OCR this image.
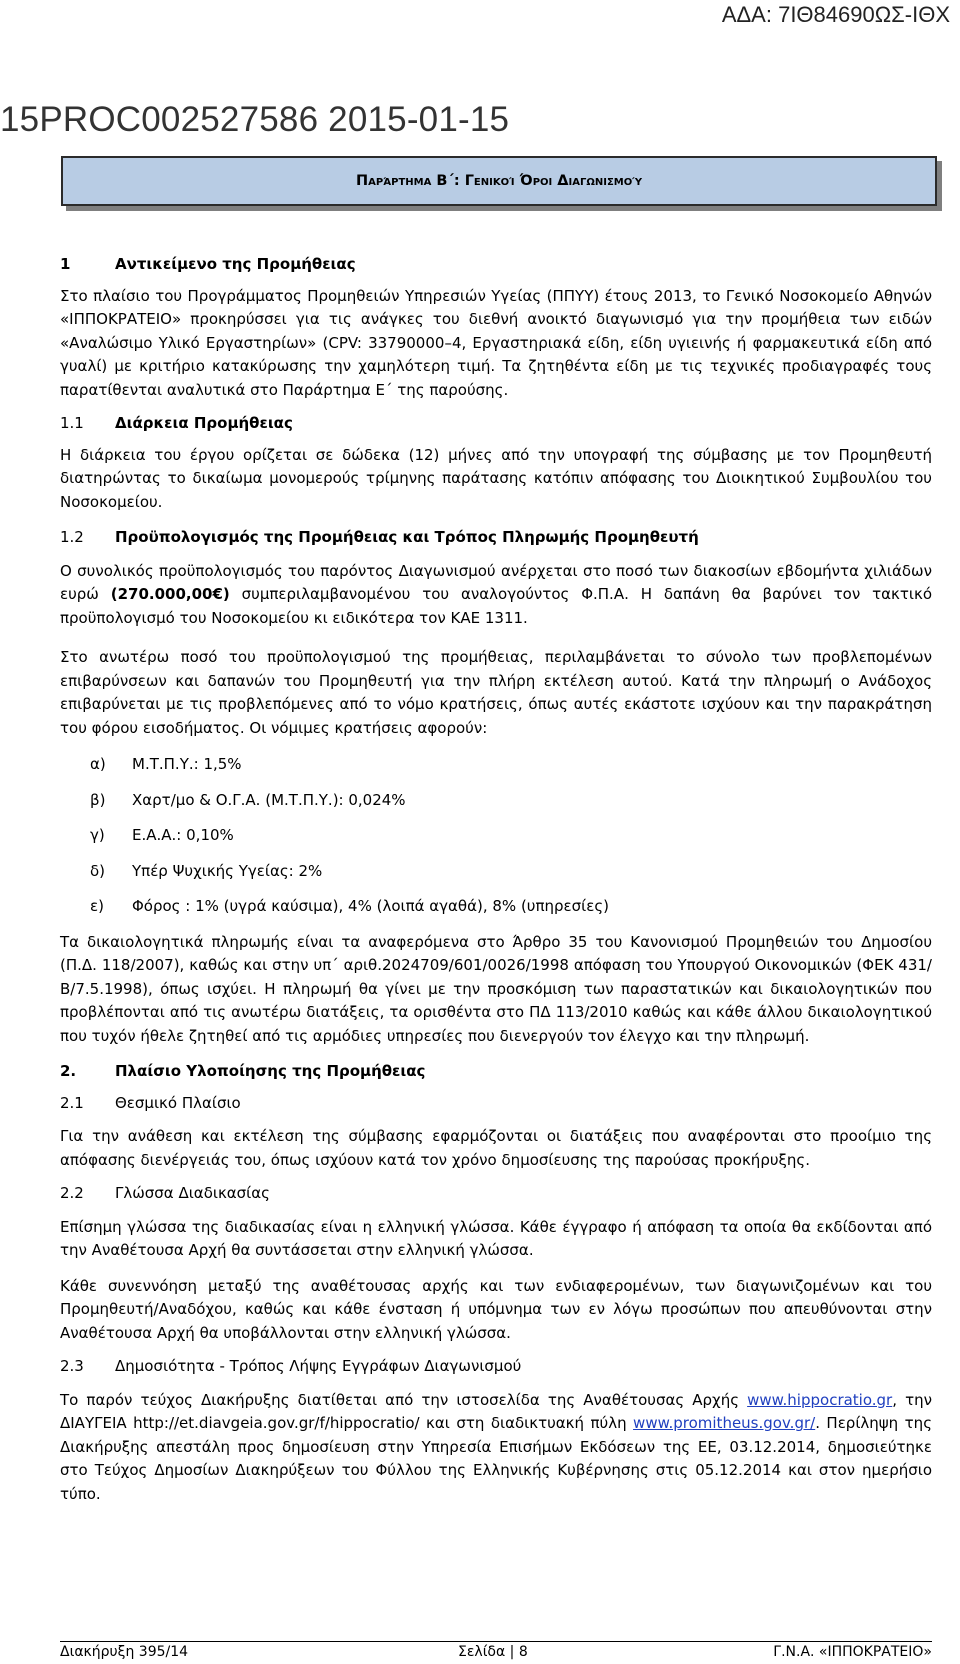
ΑΔΑ: 7ΙΘ84690ΩΣ-ΙΘΧ
15PROC002527586 2015-01-15
Παράρτημα Β΄: Γενικοί Όροι Διαγωνισμού
1	Αντικείμενο της Προμήθειας

Στο πλαίσιο του Προγράμματος Προμηθειών Υπηρεσιών Υγείας (ΠΠΥΥ) έτους 2013, το Γενικό Νοσοκομείο Αθηνών «ΙΠΠΟΚΡΑΤΕΙΟ» προκηρύσσει για τις ανάγκες του διεθνή ανοικτό διαγωνισμό για την προμήθεια των ειδών «Αναλώσιμο Υλικό Εργαστηρίων» (CPV: 33790000–4, Εργαστηριακά είδη, είδη υγιεινής ή φαρμακευτικά είδη από γυαλί) με κριτήριο κατακύρωσης την χαμηλότερη τιμή. Τα ζητηθέντα είδη με τις τεχνικές προδιαγραφές τους παρατίθενται αναλυτικά στο Παράρτημα Ε΄ της παρούσης.

1.1	Διάρκεια Προμήθειας

Η διάρκεια του έργου ορίζεται σε δώδεκα (12) μήνες από την υπογραφή της σύμβασης με τον Προμηθευτή διατηρώντας το δικαίωμα μονομερούς τρίμηνης παράτασης κατόπιν απόφασης του Διοικητικού Συμβουλίου του Νοσοκομείου.

1.2	Προϋπολογισμός της Προμήθειας και Τρόπος Πληρωμής Προμηθευτή

Ο συνολικός προϋπολογισμός του παρόντος Διαγωνισμού ανέρχεται στο ποσό των διακοσίων εβδομήντα χιλιάδων ευρώ (270.000,00€) συμπεριλαμβανομένου του αναλογούντος Φ.Π.Α. Η δαπάνη θα βαρύνει τον τακτικό προϋπολογισμό του Νοσοκομείου κι ειδικότερα τον ΚΑΕ 1311.

Στο ανωτέρω ποσό του προϋπολογισμού της προμήθειας, περιλαμβάνεται το σύνολο των προβλεπομένων επιβαρύνσεων και δαπανών του Προμηθευτή για την πλήρη εκτέλεση αυτού. Κατά την πληρωμή ο Ανάδοχος επιβαρύνεται με τις προβλεπόμενες από το νόμο κρατήσεις, όπως αυτές εκάστοτε ισχύουν και την παρακράτηση του φόρου εισοδήματος. Οι νόμιμες κρατήσεις αφορούν:

α)	Μ.Τ.Π.Υ.: 1,5%
β)	Χαρτ/μο & Ο.Γ.Α. (Μ.Τ.Π.Υ.): 0,024%
γ)	Ε.Α.Α.: 0,10%
δ)	Υπέρ Ψυχικής Υγείας: 2%
ε)	Φόρος : 1% (υγρά καύσιμα), 4% (λοιπά αγαθά), 8% (υπηρεσίες)

Τα δικαιολογητικά πληρωμής είναι τα αναφερόμενα στο Άρθρο 35 του Κανονισμού Προμηθειών του Δημοσίου (Π.Δ. 118/2007), καθώς και στην υπ΄ αριθ.2024709/601/0026/1998 απόφαση του Υπουργού Οικονομικών (ΦΕΚ 431/Β/7.5.1998), όπως ισχύει. Η πληρωμή θα γίνει με την προσκόμιση των παραστατικών και δικαιολογητικών που προβλέπονται από τις ανωτέρω διατάξεις, τα ορισθέντα στο ΠΔ 113/2010 καθώς και κάθε άλλου δικαιολογητικού που τυχόν ήθελε ζητηθεί από τις αρμόδιες υπηρεσίες που διενεργούν τον έλεγχο και την πληρωμή.

2.	Πλαίσιο Υλοποίησης της Προμήθειας
2.1	Θεσμικό Πλαίσιο

Για την ανάθεση και εκτέλεση της σύμβασης εφαρμόζονται οι διατάξεις που αναφέρονται στο προοίμιο της απόφασης διενέργειάς του, όπως ισχύουν κατά τον χρόνο δημοσίευσης της παρούσας προκήρυξης.

2.2	Γλώσσα Διαδικασίας

Επίσημη γλώσσα της διαδικασίας είναι η ελληνική γλώσσα. Κάθε έγγραφο ή απόφαση τα οποία θα εκδίδονται από την Αναθέτουσα Αρχή θα συντάσσεται στην ελληνική γλώσσα.

Κάθε συνεννόηση μεταξύ της αναθέτουσας αρχής και των ενδιαφερομένων, των διαγωνιζομένων και του Προμηθευτή/Αναδόχου, καθώς και κάθε ένσταση ή υπόμνημα των εν λόγω προσώπων που απευθύνονται στην Αναθέτουσα Αρχή θα υποβάλλονται στην ελληνική γλώσσα.

2.3	Δημοσιότητα - Τρόπος Λήψης Εγγράφων Διαγωνισμού

Το παρόν τεύχος Διακήρυξης διατίθεται από την ιστοσελίδα της Αναθέτουσας Αρχής www.hippocratio.gr, την ΔΙΑΥΓΕΙΑ http://et.diavgeia.gov.gr/f/hippocratio/ και στη διαδικτυακή πύλη www.promitheus.gov.gr/. Περίληψη της Διακήρυξης απεστάλη προς δημοσίευση στην Υπηρεσία Επισήμων Εκδόσεων της ΕΕ, 03.12.2014, δημοσιεύτηκε στο Τεύχος Δημοσίων Διακηρύξεων του Φύλλου της Ελληνικής Κυβέρνησης στις 05.12.2014 και στον ημερήσιο τύπο.

Διακήρυξη 395/14	Σελίδα | 8	Γ.Ν.Α. «ΙΠΠΟΚΡΑΤΕΙΟ»
